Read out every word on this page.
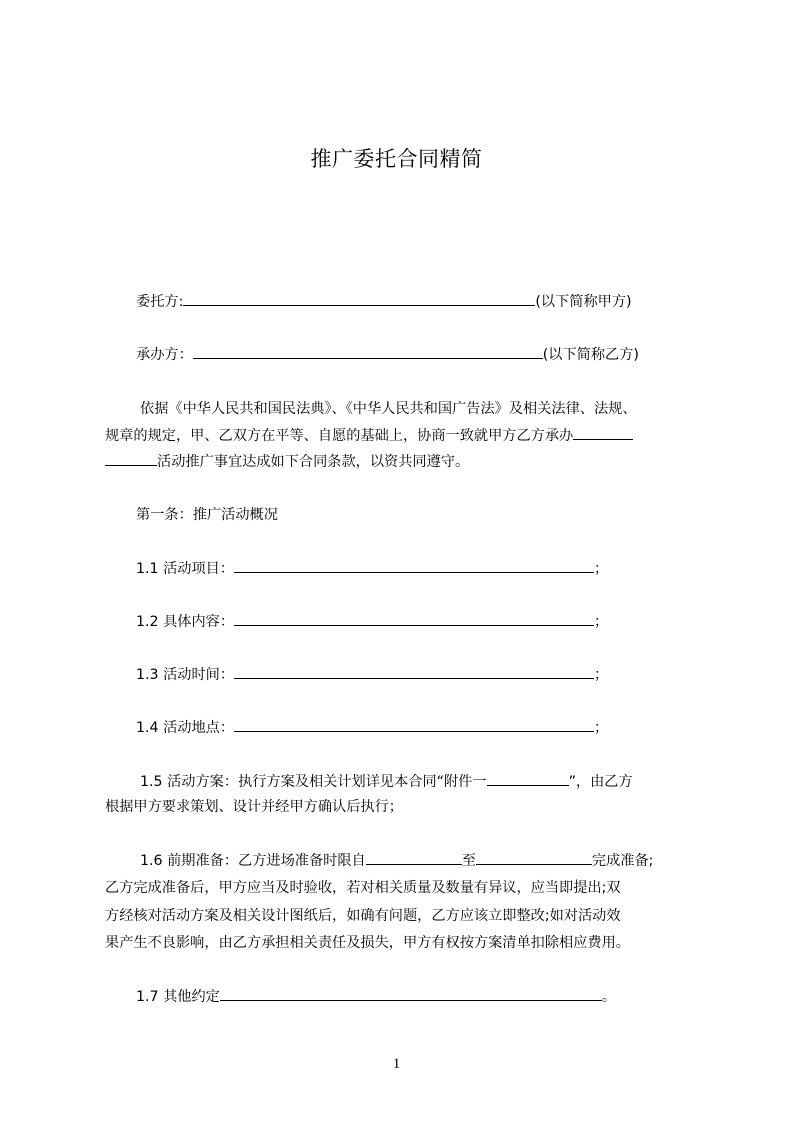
推广委托合同精简
委托方:	(以下简称甲方)
承办方：	(以下简称乙方)
依据《中华人民共和国民法典》、《中华人民共和国广告法》及相关法律、法规、
规章的规定，甲、乙双方在平等、自愿的基础上，协商一致就甲方乙方承办
活动推广事宜达成如下合同条款，以资共同遵守。
第一条：推广活动概况
1.1 活动项目：	；
1.2 具体内容：	；
1.3 活动时间：	；
1.4 活动地点：	；
1.5 活动方案：执行方案及相关计划详见本合同“附件一	”，由乙方
根据甲方要求策划、设计并经甲方确认后执行；
1.6 前期准备：乙方进场准备时限自	至	完成准备;
乙方完成准备后，甲方应当及时验收，若对相关质量及数量有异议，应当即提出;双
方经核对活动方案及相关设计图纸后，如确有问题，乙方应该立即整改;如对活动效
果产生不良影响，由乙方承担相关责任及损失，甲方有权按方案清单扣除相应费用。
1.7 其他约定	。
1
